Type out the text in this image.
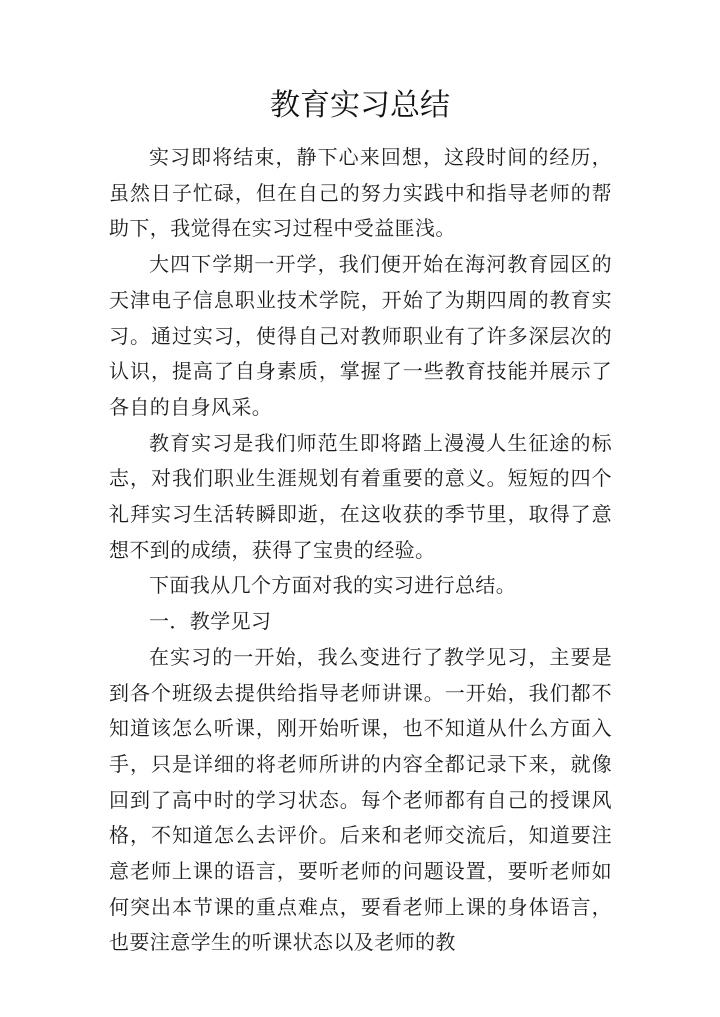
教育实习总结

实习即将结束，静下心来回想，这段时间的经历，虽然日子忙碌，但在自己的努力实践中和指导老师的帮助下，我觉得在实习过程中受益匪浅。

大四下学期一开学，我们便开始在海河教育园区的天津电子信息职业技术学院，开始了为期四周的教育实习。通过实习，使得自己对教师职业有了许多深层次的认识，提高了自身素质，掌握了一些教育技能并展示了各自的自身风采。

教育实习是我们师范生即将踏上漫漫人生征途的标志，对我们职业生涯规划有着重要的意义。短短的四个礼拜实习生活转瞬即逝，在这收获的季节里，取得了意想不到的成绩，获得了宝贵的经验。

下面我从几个方面对我的实习进行总结。

一．教学见习

在实习的一开始，我么变进行了教学见习，主要是到各个班级去提供给指导老师讲课。一开始，我们都不知道该怎么听课，刚开始听课，也不知道从什么方面入手，只是详细的将老师所讲的内容全都记录下来，就像回到了高中时的学习状态。每个老师都有自己的授课风格，不知道怎么去评价。后来和老师交流后，知道要注意老师上课的语言，要听老师的问题设置，要听老师如何突出本节课的重点难点，要看老师上课的身体语言，也要注意学生的听课状态以及老师的教
